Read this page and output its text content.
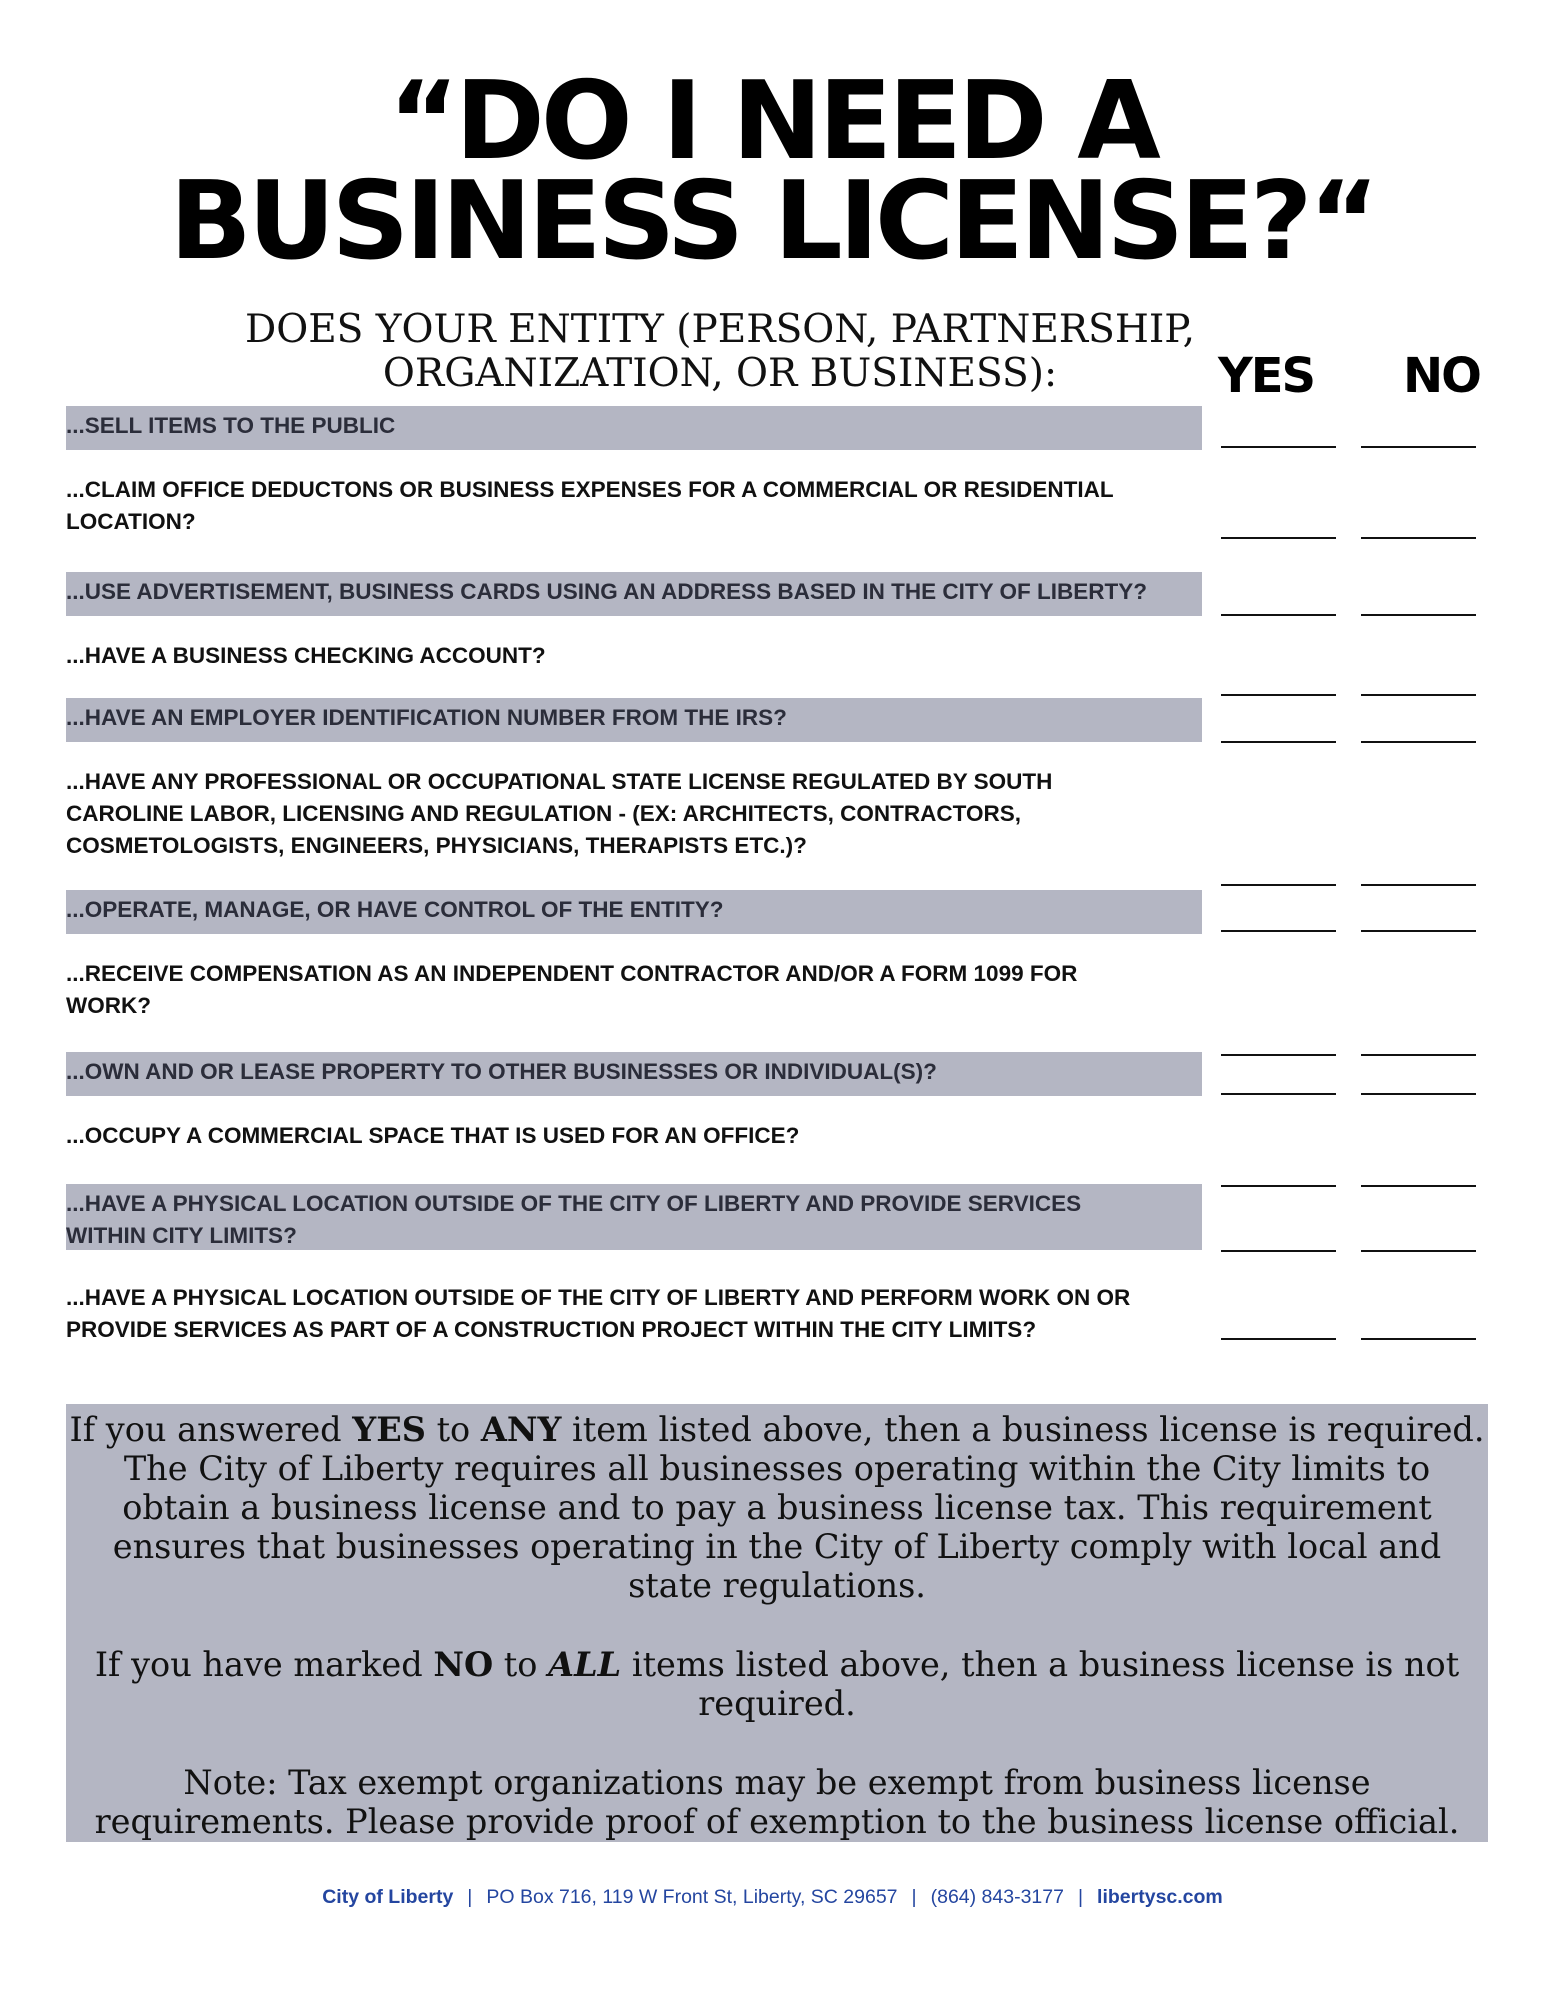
“DO I NEED A
BUSINESS LICENSE?“
DOES YOUR ENTITY (PERSON, PARTNERSHIP,
ORGANIZATION, OR BUSINESS):	YES NO
...SELL ITEMS TO THE PUBLIC
...CLAIM OFFICE DEDUCTONS OR BUSINESS EXPENSES FOR A COMMERCIAL OR RESIDENTIAL
LOCATION?
...USE ADVERTISEMENT, BUSINESS CARDS USING AN ADDRESS BASED IN THE CITY OF LIBERTY?
...HAVE A BUSINESS CHECKING ACCOUNT?
...HAVE AN EMPLOYER IDENTIFICATION NUMBER FROM THE IRS?
...HAVE ANY PROFESSIONAL OR OCCUPATIONAL STATE LICENSE REGULATED BY SOUTH
CAROLINE LABOR, LICENSING AND REGULATION - (EX: ARCHITECTS, CONTRACTORS,
COSMETOLOGISTS, ENGINEERS, PHYSICIANS, THERAPISTS ETC.)?
...OPERATE, MANAGE, OR HAVE CONTROL OF THE ENTITY?
...RECEIVE COMPENSATION AS AN INDEPENDENT CONTRACTOR AND/OR A FORM 1099 FOR
WORK?
...OWN AND OR LEASE PROPERTY TO OTHER BUSINESSES OR INDIVIDUAL(S)?
...OCCUPY A COMMERCIAL SPACE THAT IS USED FOR AN OFFICE?
...HAVE A PHYSICAL LOCATION OUTSIDE OF THE CITY OF LIBERTY AND PROVIDE SERVICES
WITHIN CITY LIMITS?
...HAVE A PHYSICAL LOCATION OUTSIDE OF THE CITY OF LIBERTY AND PERFORM WORK ON OR
PROVIDE SERVICES AS PART OF A CONSTRUCTION PROJECT WITHIN THE CITY LIMITS?

If you answered YES to ANY item listed above, then a business license is required. The City of Liberty requires all businesses operating within the City limits to obtain a business license and to pay a business license tax. This requirement ensures that businesses operating in the City of Liberty comply with local and state regulations.

If you have marked NO to ALL items listed above, then a business license is not required.

Note: Tax exempt organizations may be exempt from business license requirements. Please provide proof of exemption to the business license official.

City of Liberty | PO Box 716, 119 W Front St, Liberty, SC 29657 | (864) 843-3177 | libertysc.com
